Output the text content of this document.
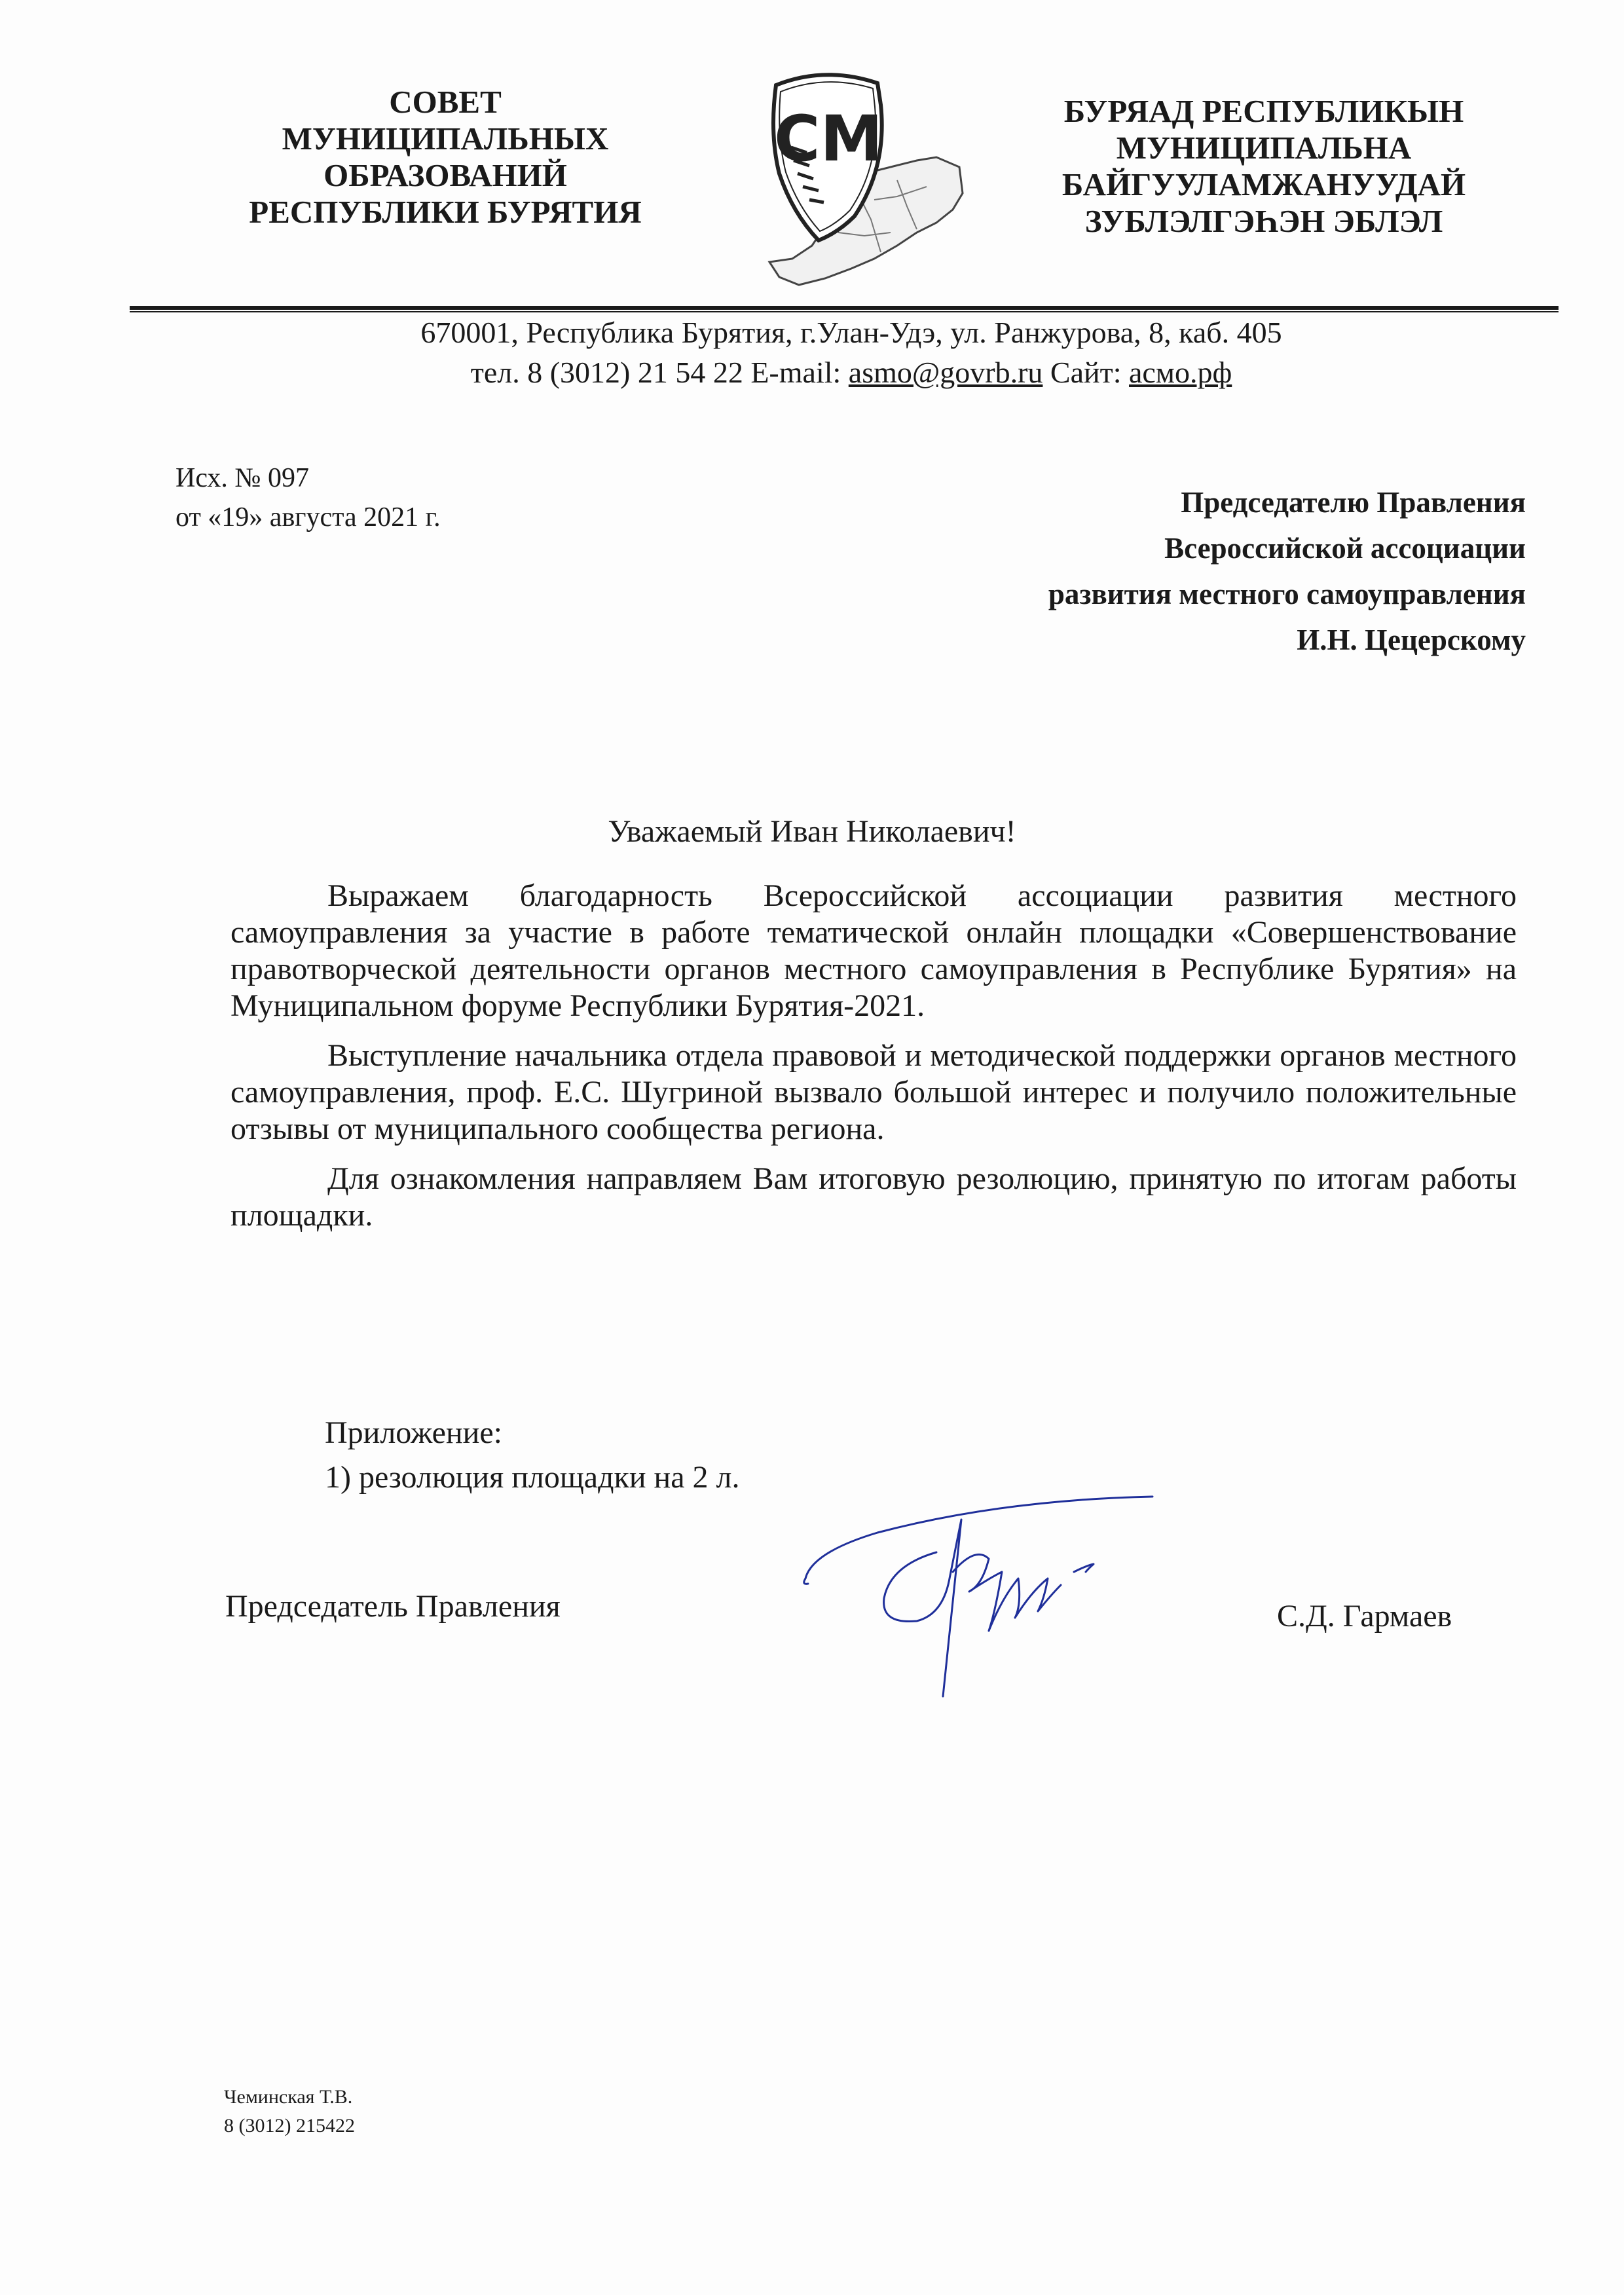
СОВЕТ
МУНИЦИПАЛЬНЫХ
ОБРАЗОВАНИЙ
РЕСПУБЛИКИ БУРЯТИЯ
СМ	БУРЯАД РЕСПУБЛИКЫН
МУНИЦИПАЛЬНА
БАЙГУУЛАМЖАНУУДАЙ
ЗУБЛЭЛГЭҺЭН ЭБЛЭЛ
670001, Республика Бурятия, г.Улан-Удэ, ул. Ранжурова, 8, каб. 405
тел. 8 (3012) 21 54 22 E-mail: asmo@govrb.ru Сайт: асмо.рф
Исх. № 097
от «19» августа 2021 г.	Председателю Правления
Всероссийской ассоциации
развития местного самоуправления
И.Н. Цецерскому
Уважаемый Иван Николаевич!

Выражаем благодарность Всероссийской ассоциации развития местного самоуправления за участие в работе тематической онлайн площадки «Совершенствование правотворческой деятельности органов местного самоуправления в Республике Бурятия» на Муниципальном форуме Республики Бурятия-2021.

Выступление начальника отдела правовой и методической поддержки органов местного самоуправления, проф. Е.С. Шугриной вызвало большой интерес и получило положительные отзывы от муниципального сообщества региона.

Для ознакомления направляем Вам итоговую резолюцию, принятую по итогам работы площадки.

Приложение:
1) резолюция площадки на 2 л.
Председатель Правления	С.Д. Гармаев
Чеминская Т.В.
8 (3012) 215422
